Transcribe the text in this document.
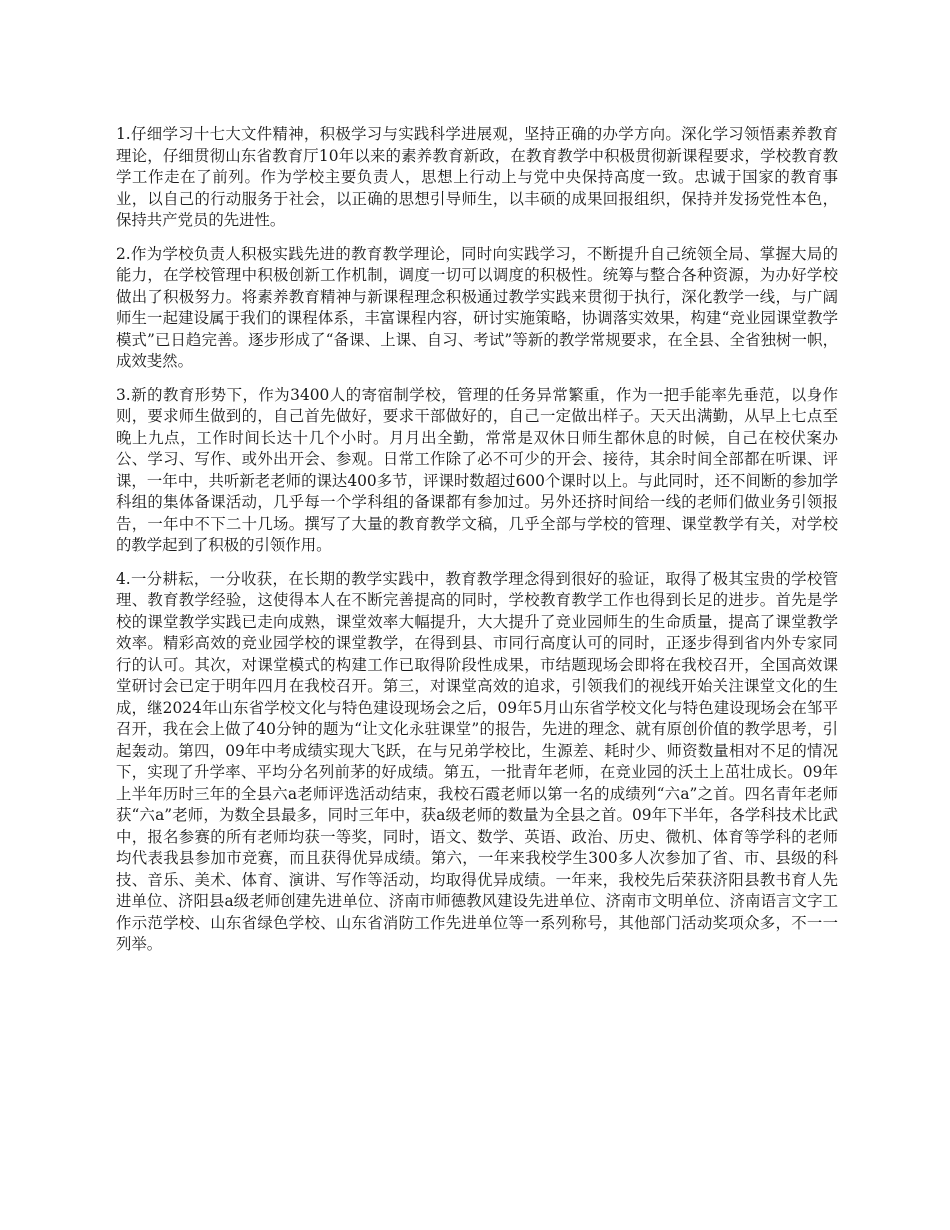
1.仔细学习十七大文件精神，积极学习与实践科学进展观，坚持正确的办学方向。深化学习领悟素养教育理论，仔细贯彻山东省教育厅10年以来的素养教育新政，在教育教学中积极贯彻新课程要求，学校教育教学工作走在了前列。作为学校主要负责人，思想上行动上与党中央保持高度一致。忠诚于国家的教育事业，以自己的行动服务于社会，以正确的思想引导师生，以丰硕的成果回报组织，保持并发扬党性本色，保持共产党员的先进性。

2.作为学校负责人积极实践先进的教育教学理论，同时向实践学习，不断提升自己统领全局、掌握大局的能力，在学校管理中积极创新工作机制，调度一切可以调度的积极性。统筹与整合各种资源，为办好学校做出了积极努力。将素养教育精神与新课程理念积极通过教学实践来贯彻于执行，深化教学一线，与广阔师生一起建设属于我们的课程体系，丰富课程内容，研讨实施策略，协调落实效果，构建“竞业园课堂教学模式”已日趋完善。逐步形成了“备课、上课、自习、考试”等新的教学常规要求，在全县、全省独树一帜，成效斐然。

3.新的教育形势下，作为3400人的寄宿制学校，管理的任务异常繁重，作为一把手能率先垂范，以身作则，要求师生做到的，自己首先做好，要求干部做好的，自己一定做出样子。天天出满勤，从早上七点至晚上九点，工作时间长达十几个小时。月月出全勤，常常是双休日师生都休息的时候，自己在校伏案办公、学习、写作、或外出开会、参观。日常工作除了必不可少的开会、接待，其余时间全部都在听课、评课，一年中，共听新老老师的课达400多节，评课时数超过600个课时以上。与此同时，还不间断的参加学科组的集体备课活动，几乎每一个学科组的备课都有参加过。另外还挤时间给一线的老师们做业务引领报告，一年中不下二十几场。撰写了大量的教育教学文稿，几乎全部与学校的管理、课堂教学有关，对学校的教学起到了积极的引领作用。

4.一分耕耘，一分收获，在长期的教学实践中，教育教学理念得到很好的验证，取得了极其宝贵的学校管理、教育教学经验，这使得本人在不断完善提高的同时，学校教育教学工作也得到长足的进步。首先是学校的课堂教学实践已走向成熟，课堂效率大幅提升，大大提升了竞业园师生的生命质量，提高了课堂教学效率。精彩高效的竞业园学校的课堂教学，在得到县、市同行高度认可的同时，正逐步得到省内外专家同行的认可。其次，对课堂模式的构建工作已取得阶段性成果，市结题现场会即将在我校召开，全国高效课堂研讨会已定于明年四月在我校召开。第三，对课堂高效的追求，引领我们的视线开始关注课堂文化的生成，继2024年山东省学校文化与特色建设现场会之后，09年5月山东省学校文化与特色建设现场会在邹平召开，我在会上做了40分钟的题为“让文化永驻课堂”的报告，先进的理念、就有原创价值的教学思考，引起轰动。第四，09年中考成绩实现大飞跃，在与兄弟学校比，生源差、耗时少、师资数量相对不足的情况下，实现了升学率、平均分名列前茅的好成绩。第五，一批青年老师，在竞业园的沃土上茁壮成长。09年上半年历时三年的全县六a老师评选活动结束，我校石霞老师以第一名的成绩列“六a”之首。四名青年老师获“六a”老师，为数全县最多，同时三年中，获a级老师的数量为全县之首。09年下半年，各学科技术比武中，报名参赛的所有老师均获一等奖，同时，语文、数学、英语、政治、历史、微机、体育等学科的老师均代表我县参加市竞赛，而且获得优异成绩。第六，一年来我校学生300多人次参加了省、市、县级的科技、音乐、美术、体育、演讲、写作等活动，均取得优异成绩。一年来，我校先后荣获济阳县教书育人先进单位、济阳县a级老师创建先进单位、济南市师德教风建设先进单位、济南市文明单位、济南语言文字工作示范学校、山东省绿色学校、山东省消防工作先进单位等一系列称号，其他部门活动奖项众多，不一一列举。
